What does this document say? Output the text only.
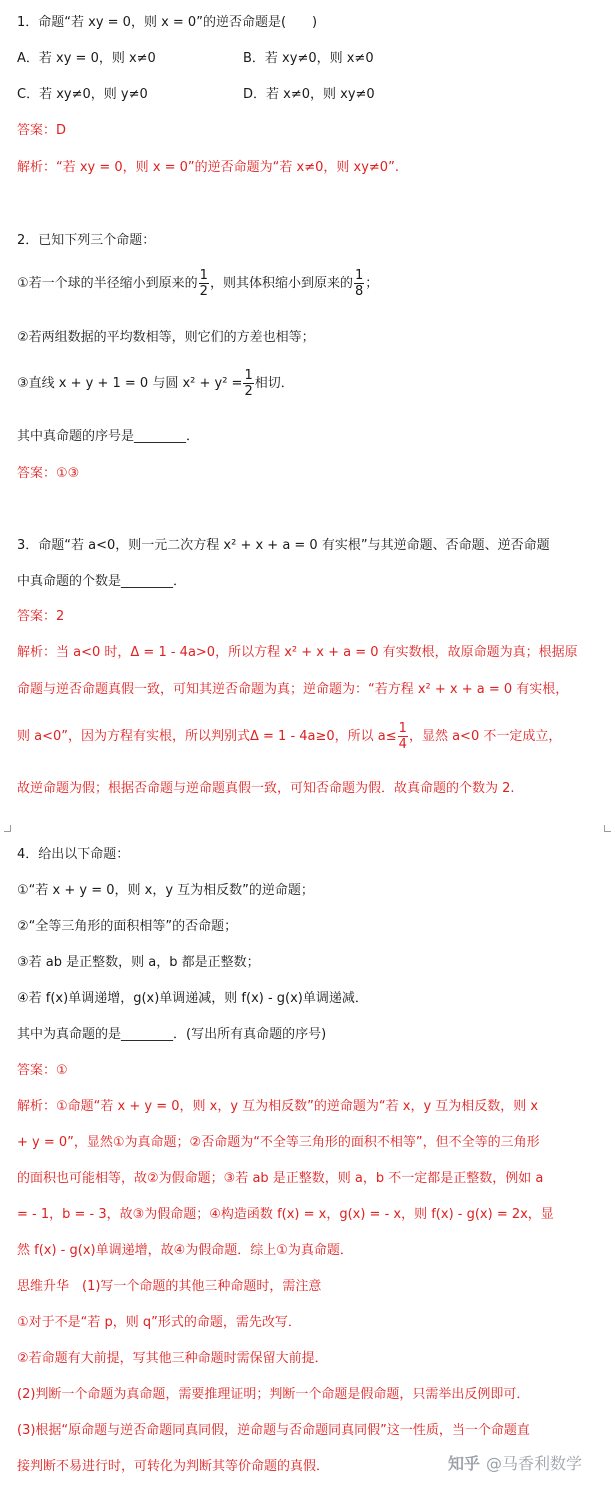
1．命题“若 xy = 0，则 x = 0”的逆否命题是(　　)
A．若 xy = 0，则 x≠0	B．若 xy≠0，则 x≠0
C．若 xy≠0，则 y≠0	D．若 x≠0，则 xy≠0
答案：D
解析：“若 xy = 0，则 x = 0”的逆否命题为“若 x≠0，则 xy≠0”.
2．已知下列三个命题：
①若一个球的半径缩小到原来的 $\frac{1}{2}$ ，则其体积缩小到原来的 $\frac{1}{8}$ ；
②若两组数据的平均数相等，则它们的方差也相等；
③直线 x + y + 1 = 0 与圆 $x^2 + y^2 = \frac{1}{2}$ 相切．
其中真命题的序号是________．
答案：①③
3．命题“若 a<0，则一元二次方程 x² + x + a = 0 有实根”与其逆命题、否命题、逆否命题
中真命题的个数是________．
答案：2
解析：当 a<0 时，Δ = 1 - 4a>0，所以方程 x² + x + a = 0 有实数根，故原命题为真；根据原
命题与逆否命题真假一致，可知其逆否命题为真；逆命题为：“若方程 x² + x + a = 0 有实根，
则 a<0”，因为方程有实根，所以判别式Δ = 1 - 4a≥0，所以 $a\le \frac{1}{4}$ ，显然 a<0 不一定成立，
故逆命题为假；根据否命题与逆命题真假一致，可知否命题为假．故真命题的个数为 2.
4．给出以下命题：
①“若 x + y = 0，则 x，y 互为相反数”的逆命题；
②“全等三角形的面积相等”的否命题；
③若 ab 是正整数，则 a，b 都是正整数；
④若 f(x)单调递增，g(x)单调递减，则 f(x) - g(x)单调递减．
其中为真命题的是________．(写出所有真命题的序号)
答案：①
解析：①命题“若 x + y = 0，则 x，y 互为相反数”的逆命题为“若 x，y 互为相反数，则 x
+ y = 0”，显然①为真命题；②否命题为“不全等三角形的面积不相等”，但不全等的三角形
的面积也可能相等，故②为假命题；③若 ab 是正整数，则 a，b 不一定都是正整数，例如 a
= - 1，b = - 3，故③为假命题；④构造函数 f(x) = x，g(x) = - x，则 f(x) - g(x) = 2x，显
然 f(x) - g(x)单调递增，故④为假命题．综上①为真命题．
思维升华　(1)写一个命题的其他三种命题时，需注意
①对于不是“若 p，则 q”形式的命题，需先改写．
②若命题有大前提，写其他三种命题时需保留大前提．
(2)判断一个命题为真命题，需要推理证明；判断一个命题是假命题，只需举出反例即可．
(3)根据“原命题与逆否命题同真同假，逆命题与否命题同真同假”这一性质，当一个命题直
接判断不易进行时，可转化为判断其等价命题的真假．	知乎 @马香利数学
